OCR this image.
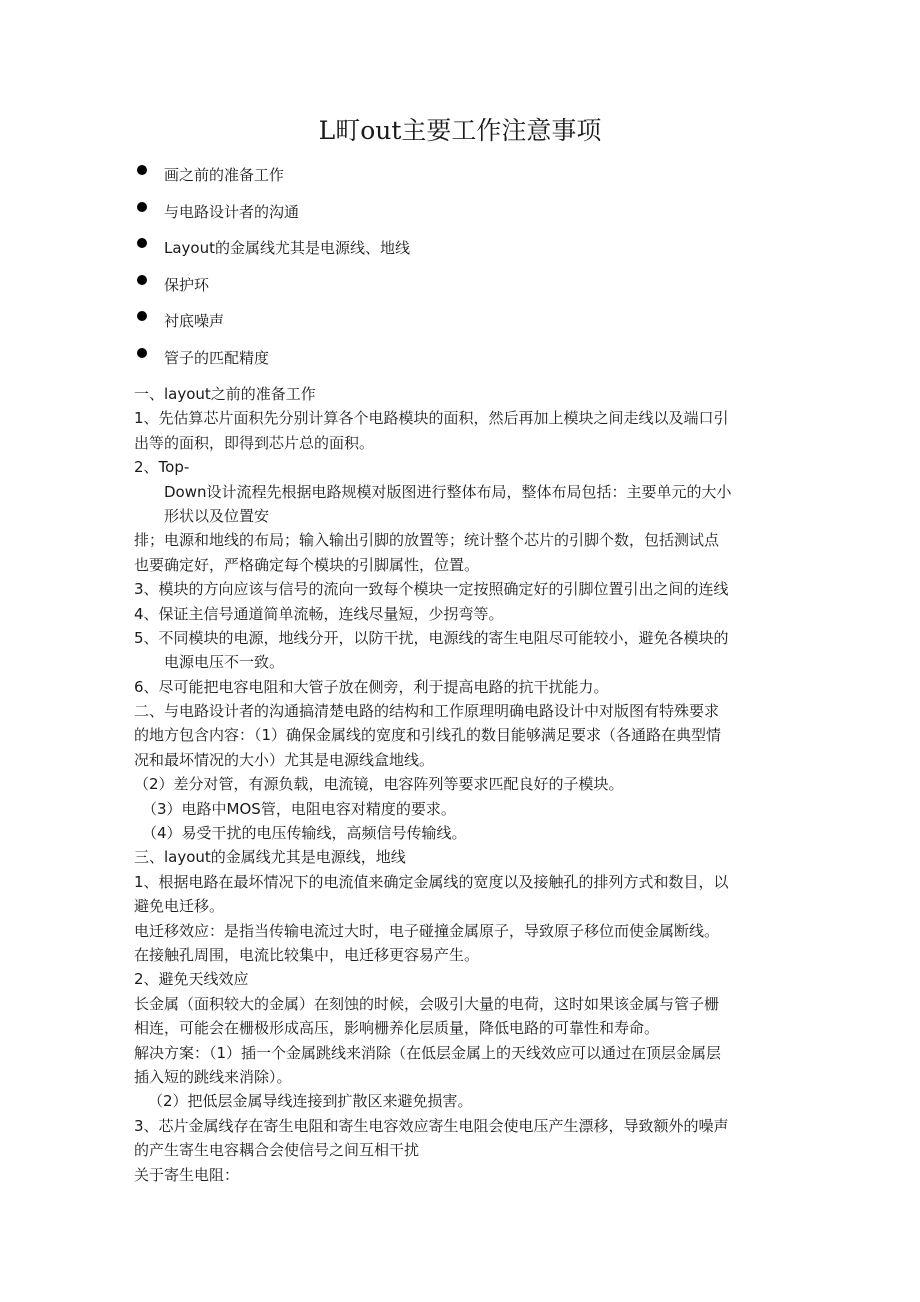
L町out主要工作注意事项
画之前的准备工作
与电路设计者的沟通
Layout的金属线尤其是电源线、地线
保护环
衬底噪声
管子的匹配精度
一、layout之前的准备工作
1、先估算芯片面积先分别计算各个电路模块的面积，然后再加上模块之间走线以及端口引
出等的面积，即得到芯片总的面积。
2、Top-
Down设计流程先根据电路规模对版图进行整体布局，整体布局包括：主要单元的大小
形状以及位置安
排；电源和地线的布局；输入输出引脚的放置等；统计整个芯片的引脚个数，包括测试点
也要确定好，严格确定每个模块的引脚属性，位置。
3、模块的方向应该与信号的流向一致每个模块一定按照确定好的引脚位置引出之间的连线
4、保证主信号通道简单流畅，连线尽量短，少拐弯等。
5、不同模块的电源，地线分开，以防干扰，电源线的寄生电阻尽可能较小，避免各模块的
电源电压不一致。
6、尽可能把电容电阻和大管子放在侧旁，利于提高电路的抗干扰能力。
二、与电路设计者的沟通搞清楚电路的结构和工作原理明确电路设计中对版图有特殊要求
的地方包含内容：（1）确保金属线的宽度和引线孔的数目能够满足要求（各通路在典型情
况和最坏情况的大小）尤其是电源线盒地线。
（2）差分对管，有源负载，电流镜，电容阵列等要求匹配良好的子模块。
（3）电路中MOS管，电阻电容对精度的要求。
（4）易受干扰的电压传输线，高频信号传输线。
三、layout的金属线尤其是电源线，地线
1、根据电路在最坏情况下的电流值来确定金属线的宽度以及接触孔的排列方式和数目，以
避免电迁移。
电迁移效应：是指当传输电流过大时，电子碰撞金属原子，导致原子移位而使金属断线。
在接触孔周围，电流比较集中，电迁移更容易产生。
2、避免天线效应
长金属（面积较大的金属）在刻蚀的时候，会吸引大量的电荷，这时如果该金属与管子栅
相连，可能会在栅极形成高压，影响栅养化层质量，降低电路的可靠性和寿命。
解决方案：（1）插一个金属跳线来消除（在低层金属上的天线效应可以通过在顶层金属层
插入短的跳线来消除）。
（2）把低层金属导线连接到扩散区来避免损害。
3、芯片金属线存在寄生电阻和寄生电容效应寄生电阻会使电压产生漂移，导致额外的噪声
的产生寄生电容耦合会使信号之间互相干扰
关于寄生电阻：
